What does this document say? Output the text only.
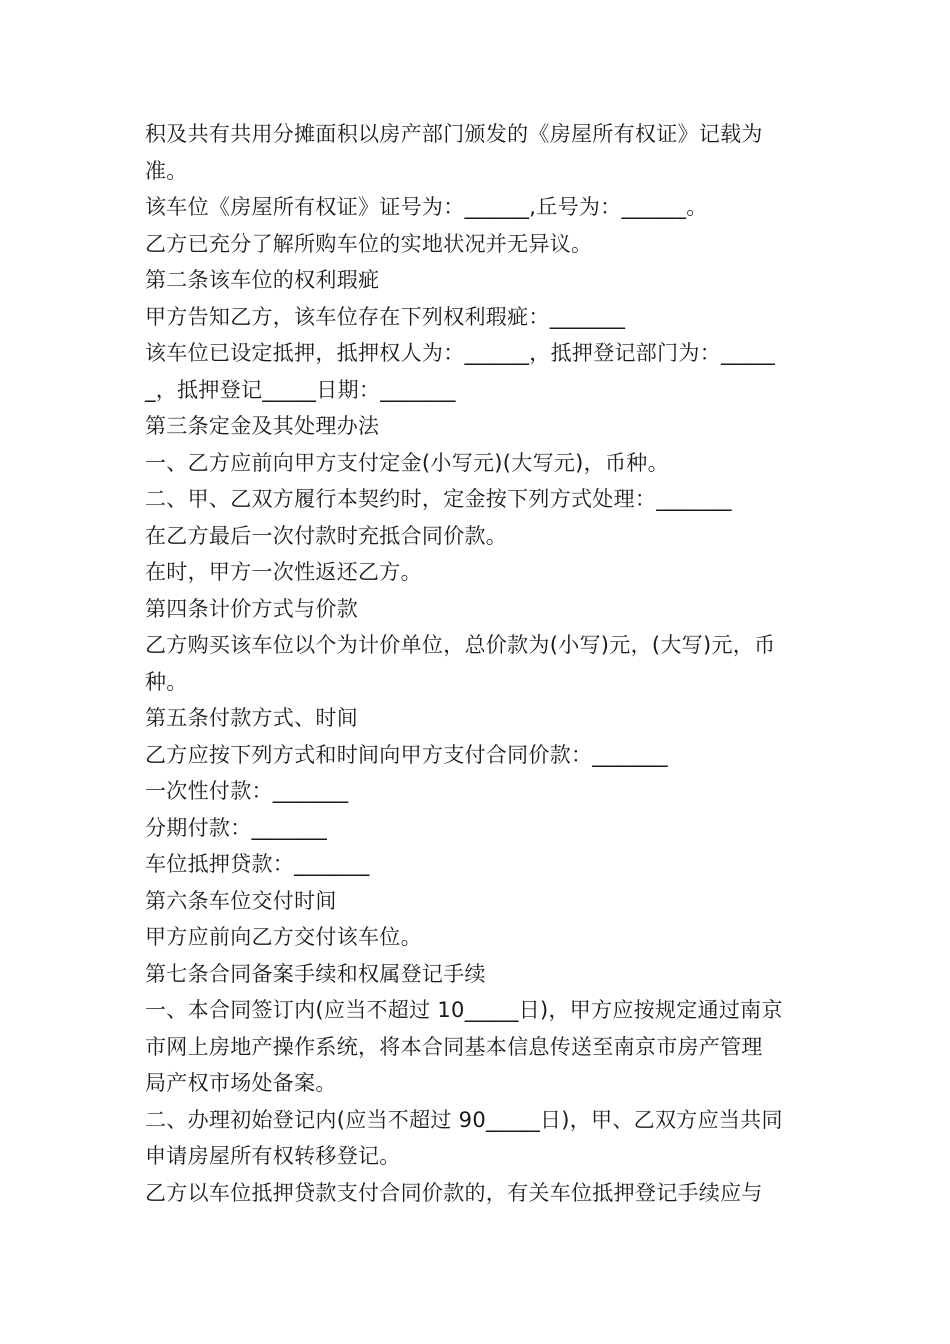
积及共有共用分摊面积以房产部门颁发的《房屋所有权证》记载为
准。
该车位《房屋所有权证》证号为：______,丘号为：______。
乙方已充分了解所购车位的实地状况并无异议。
第二条该车位的权利瑕疵
甲方告知乙方，该车位存在下列权利瑕疵：_______
该车位已设定抵押，抵押权人为：______，抵押登记部门为：_____
_，抵押登记_____日期：_______
第三条定金及其处理办法
一、乙方应前向甲方支付定金(小写元)(大写元)，币种。
二、甲、乙双方履行本契约时，定金按下列方式处理：_______
在乙方最后一次付款时充抵合同价款。
在时，甲方一次性返还乙方。
第四条计价方式与价款
乙方购买该车位以个为计价单位，总价款为(小写)元，(大写)元，币
种。
第五条付款方式、时间
乙方应按下列方式和时间向甲方支付合同价款：_______
一次性付款：_______
分期付款：_______
车位抵押贷款：_______
第六条车位交付时间
甲方应前向乙方交付该车位。
第七条合同备案手续和权属登记手续
一、本合同签订内(应当不超过 10_____日)，甲方应按规定通过南京
市网上房地产操作系统，将本合同基本信息传送至南京市房产管理
局产权市场处备案。
二、办理初始登记内(应当不超过 90_____日)，甲、乙双方应当共同
申请房屋所有权转移登记。
乙方以车位抵押贷款支付合同价款的，有关车位抵押登记手续应与
